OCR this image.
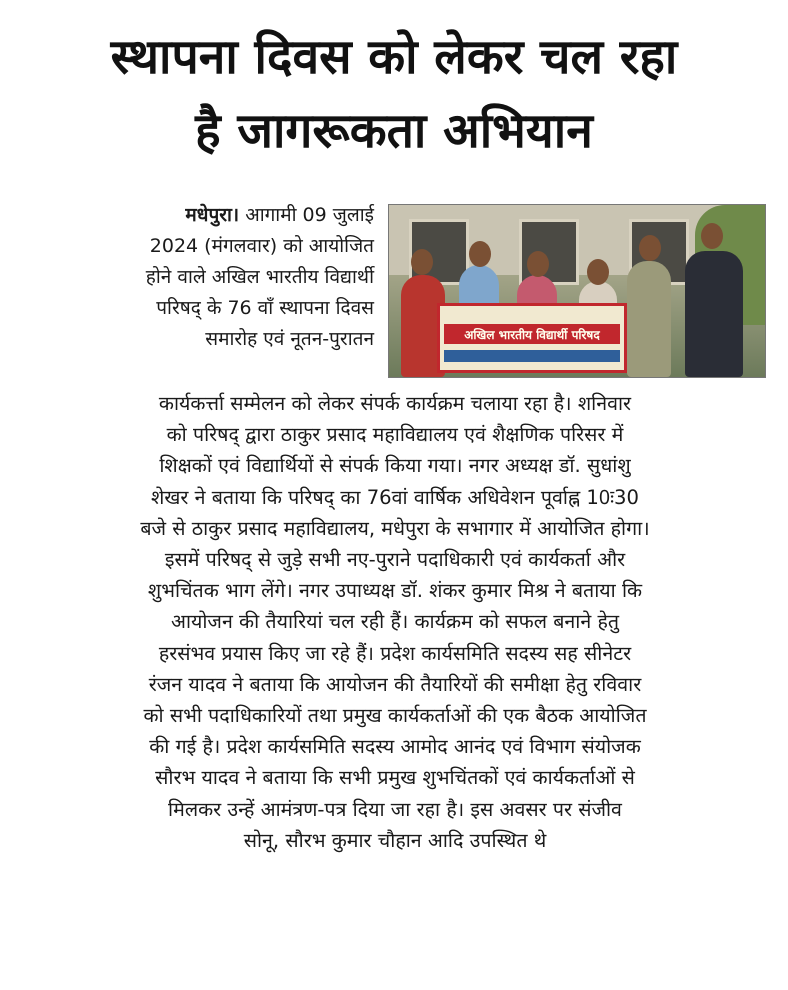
स्थापना दिवस को लेकर चल रहा
है जागरूकता अभियान
मधेपुरा। आगामी 09 जुलाई
2024 (मंगलवार) को आयोजित
होने वाले अखिल भारतीय विद्यार्थी
परिषद् के 76 वाँ स्थापना दिवस
समारोह एवं नूतन-पुरातन	अखिल भारतीय विद्यार्थी परिषद
कार्यकर्त्ता सम्मेलन को लेकर संपर्क कार्यक्रम चलाया रहा है। शनिवार
को परिषद् द्वारा ठाकुर प्रसाद महाविद्यालय एवं शैक्षणिक परिसर में
शिक्षकों एवं विद्यार्थियों से संपर्क किया गया। नगर अध्यक्ष डॉ. सुधांशु
शेखर ने बताया कि परिषद् का 76वां वार्षिक अधिवेशन पूर्वाह्न 10ः30
बजे से ठाकुर प्रसाद महाविद्यालय, मधेपुरा के सभागार में आयोजित होगा।
इसमें परिषद् से जुड़े सभी नए-पुराने पदाधिकारी एवं कार्यकर्ता और
शुभचिंतक भाग लेंगे। नगर उपाध्यक्ष डॉ. शंकर कुमार मिश्र ने बताया कि
आयोजन की तैयारियां चल रही हैं। कार्यक्रम को सफल बनाने हेतु
हरसंभव प्रयास किए जा रहे हैं। प्रदेश कार्यसमिति सदस्य सह सीनेटर
रंजन यादव ने बताया कि आयोजन की तैयारियों की समीक्षा हेतु रविवार
को सभी पदाधिकारियों तथा प्रमुख कार्यकर्ताओं की एक बैठक आयोजित
की गई है। प्रदेश कार्यसमिति सदस्य आमोद आनंद एवं विभाग संयोजक
सौरभ यादव ने बताया कि सभी प्रमुख शुभचिंतकों एवं कार्यकर्ताओं से
मिलकर उन्हें आमंत्रण-पत्र दिया जा रहा है। इस अवसर पर संजीव
सोनू, सौरभ कुमार चौहान आदि उपस्थित थे
